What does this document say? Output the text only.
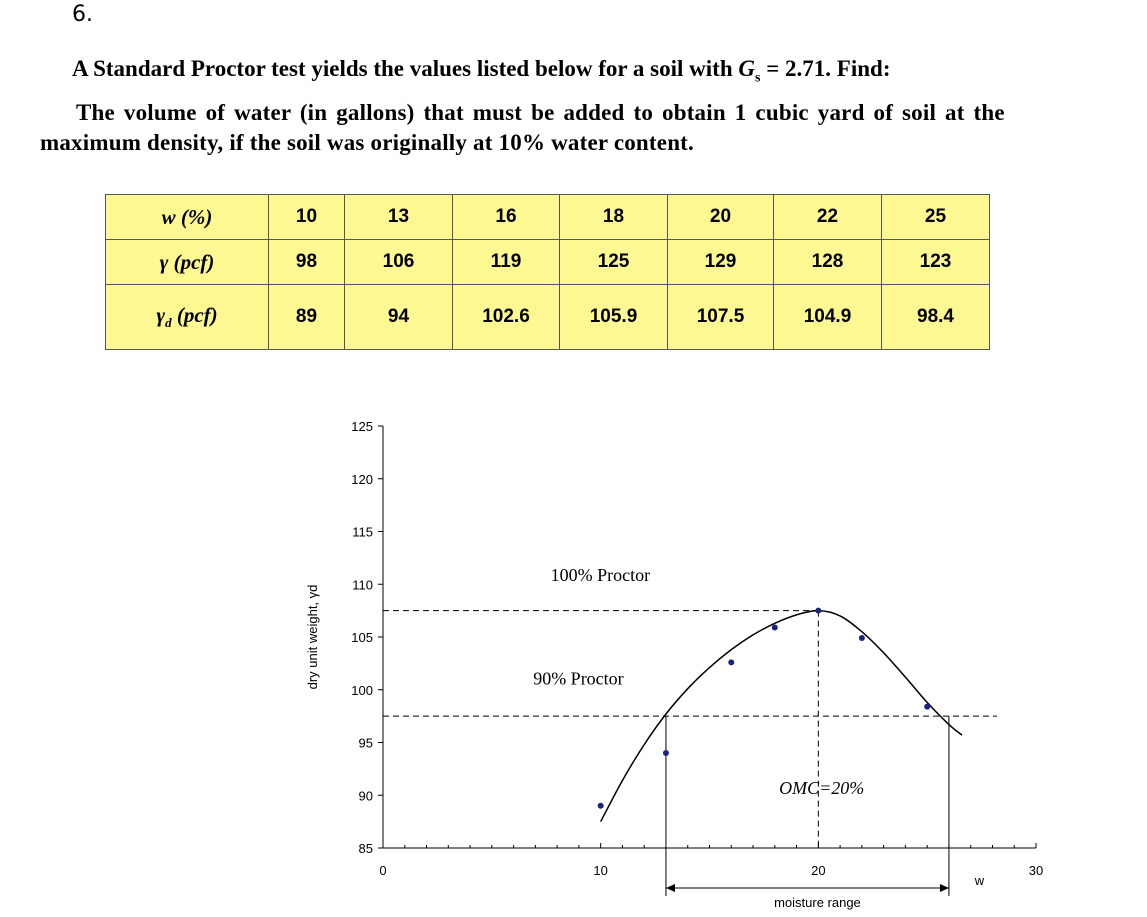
6.
A Standard Proctor test yields the values listed below for a soil with $G_s = 2.71$. Find:
The volume of water (in gallons) that must be added to obtain 1 cubic yard of soil at the
maximum density, if the soil was originally at 10% water content.
w (%)	10	13	16	18	20	22	25
γ (pcf)	98	106	119	125	129	128	123
$\gamma_d$ (pcf)	89	94	102.6	105.9	107.5	104.9	98.4
85
90
95
100
105
110
115
120
125
0	10	20	30
dry unit weight, γd
w
moisture range
100% Proctor
90% Proctor
OMC=20%
